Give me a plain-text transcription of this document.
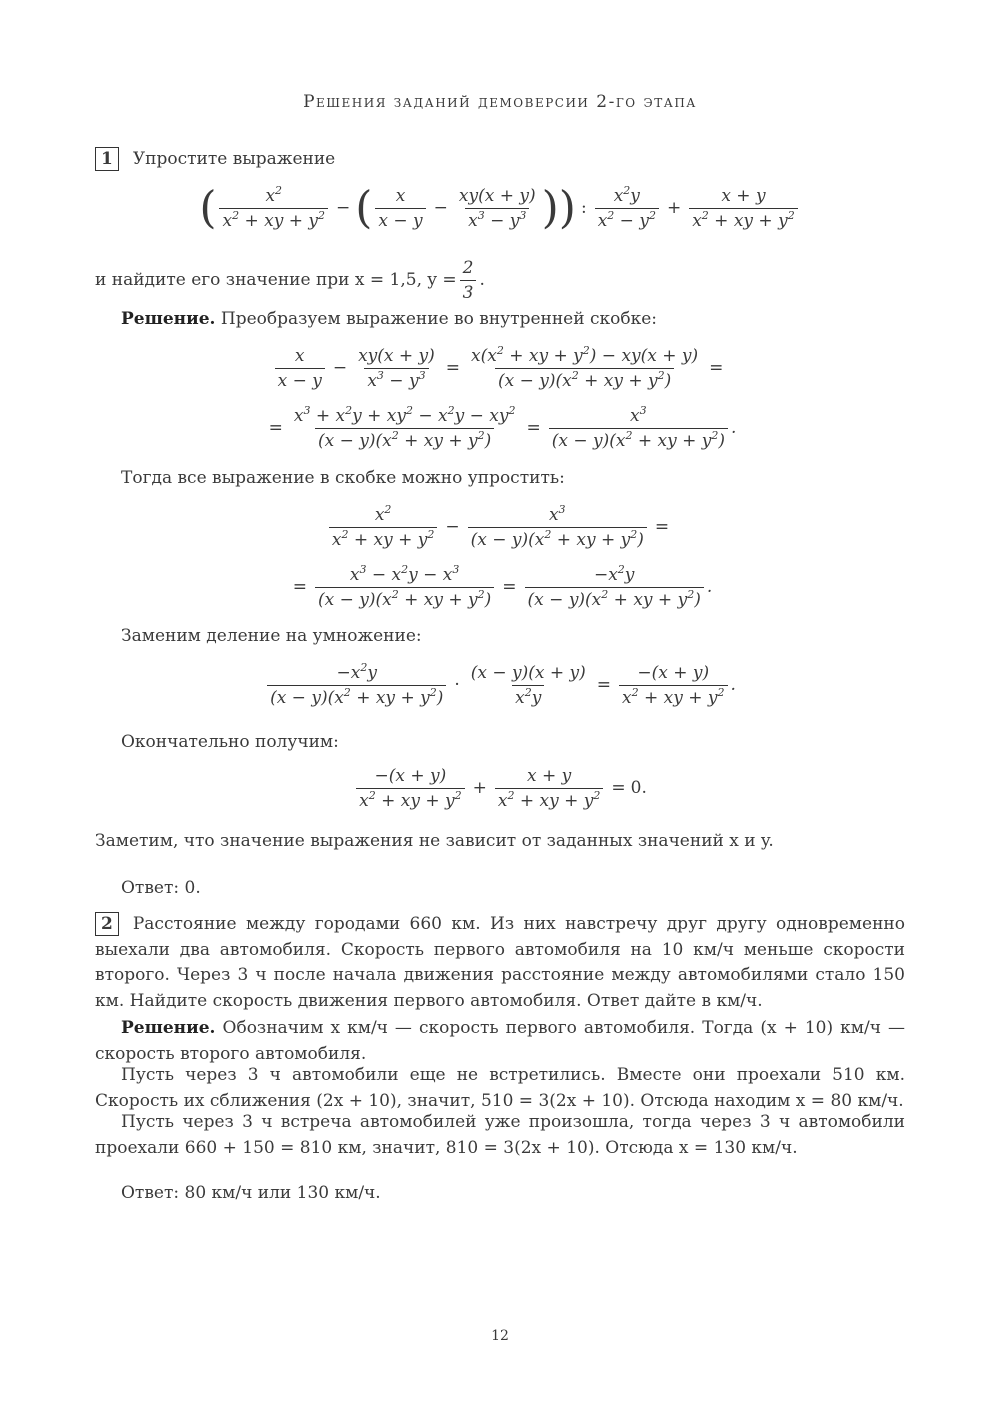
Решения заданий демоверсии 2-го этапа
1 Упростите выражение
( $\frac{x^2}{x^2 + xy + y^2}$ − ( $\frac{x}{x - y} - \frac{xy(x + y)}{x^3 - y^3}$ )) : $\frac{x^2y}{x^2 - y^2} + \frac{x + y}{x^2 + xy + y^2}$
и найдите его значение при x = 1,5, $y = \frac{2}{3}$ .
Решение. Преобразуем выражение во внутренней скобке:
$\frac{x}{x - y} - \frac{xy(x + y)}{x^3 - y^3} = \frac{x(x^2 + xy + y^2) - xy(x + y)}{(x - y)(x^2 + xy + y^2)}$ =
= $\frac{x^3 + x^2y + xy^2 - x^2y - xy^2}{(x - y)(x^2 + xy + y^2)} = \frac{x^3}{(x - y)(x^2 + xy + y^2)}$ .
Тогда все выражение в скобке можно упростить:
$\frac{x^2}{x^2 + xy + y^2} - \frac{x^3}{(x - y)(x^2 + xy + y^2)}$ =
= $\frac{x^3 - x^2y - x^3}{(x - y)(x^2 + xy + y^2)} = \frac{-x^2y}{(x - y)(x^2 + xy + y^2)}$ .
Заменим деление на умножение:
$\frac{-x^2y}{(x - y)(x^2 + xy + y^2)} \cdot \frac{(x - y)(x + y)}{x^2y} = \frac{-(x + y)}{x^2 + xy + y^2}$ .
Окончательно получим:
$\frac{-(x + y)}{x^2 + xy + y^2} + \frac{x + y}{x^2 + xy + y^2} = 0$.
Заметим, что значение выражения не зависит от заданных значений x и y.
Ответ: 0.
2 Расстояние между городами 660 км. Из них навстречу друг другу одновременно выехали два автомобиля. Скорость первого автомобиля на 10 км/ч меньше скорости второго. Через 3 ч после начала движения расстояние между автомобилями стало 150 км. Найдите скорость движения первого автомобиля. Ответ дайте в км/ч.
Решение. Обозначим x км/ч — скорость первого автомобиля. Тогда (x + 10) км/ч — скорость второго автомобиля.
Пусть через 3 ч автомобили еще не встретились. Вместе они проехали 510 км. Скорость их сближения (2x + 10), значит, 510 = 3(2x + 10). Отсюда находим x = 80 км/ч.
Пусть через 3 ч встреча автомобилей уже произошла, тогда через 3 ч автомобили проехали 660 + 150 = 810 км, значит, 810 = 3(2x + 10). Отсюда x = 130 км/ч.
Ответ: 80 км/ч или 130 км/ч.
12
